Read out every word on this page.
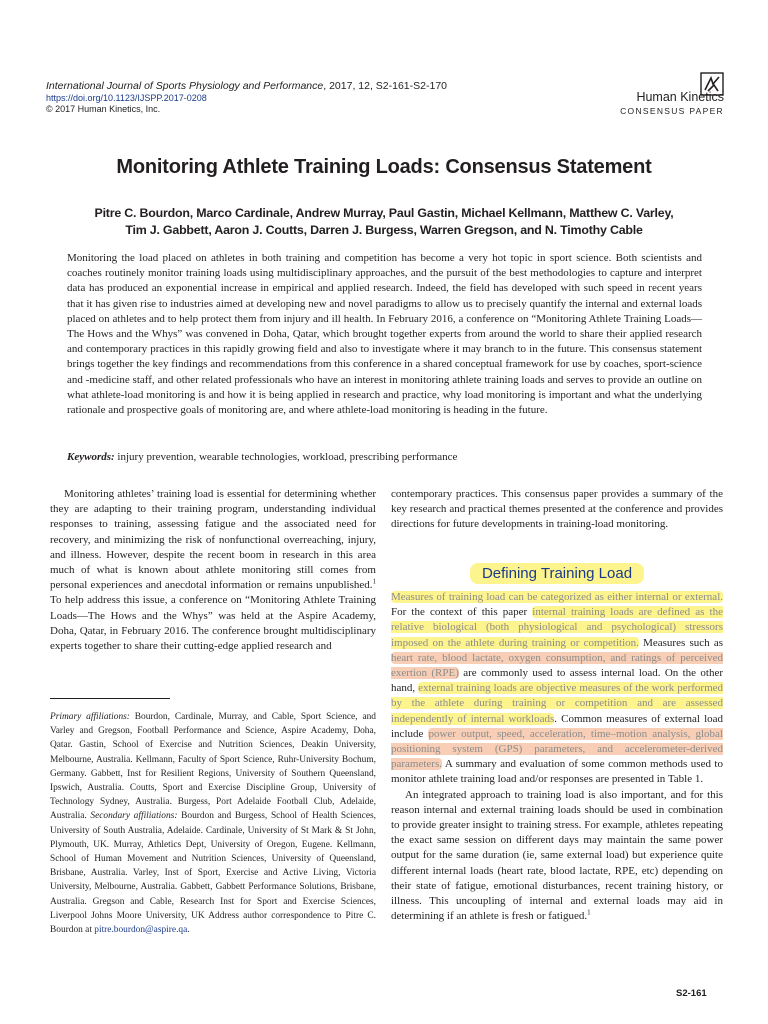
International Journal of Sports Physiology and Performance, 2017, 12, S2-161-S2-170
https://doi.org/10.1123/IJSPP.2017-0208
© 2017 Human Kinetics, Inc.
Human Kinetics
CONSENSUS PAPER
Monitoring Athlete Training Loads: Consensus Statement
Pitre C. Bourdon, Marco Cardinale, Andrew Murray, Paul Gastin, Michael Kellmann, Matthew C. Varley,
Tim J. Gabbett, Aaron J. Coutts, Darren J. Burgess, Warren Gregson, and N. Timothy Cable

Monitoring the load placed on athletes in both training and competition has become a very hot topic in sport science. Both scientists and coaches routinely monitor training loads using multidisciplinary approaches, and the pursuit of the best methodologies to capture and interpret data has produced an exponential increase in empirical and applied research. Indeed, the field has developed with such speed in recent years that it has given rise to industries aimed at developing new and novel paradigms to allow us to precisely quantify the internal and external loads placed on athletes and to help protect them from injury and ill health. In February 2016, a conference on “Monitoring Athlete Training Loads—The Hows and the Whys” was convened in Doha, Qatar, which brought together experts from around the world to share their applied research and contemporary practices in this rapidly growing field and also to investigate where it may branch to in the future. This consensus statement brings together the key findings and recommendations from this conference in a shared conceptual framework for use by coaches, sport-science and -medicine staff, and other related professionals who have an interest in monitoring athlete training loads and serves to provide an outline on what athlete-load monitoring is and how it is being applied in research and practice, why load monitoring is important and what the underlying rationale and prospective goals of monitoring are, and where athlete-load monitoring is heading in the future.

Keywords: injury prevention, wearable technologies, workload, prescribing performance

Monitoring athletes’ training load is essential for determining whether they are adapting to their training program, understanding individual responses to training, assessing fatigue and the associated need for recovery, and minimizing the risk of nonfunctional overreaching, injury, and illness. However, despite the recent boom in research in this area much of what is known about athlete monitoring still comes from personal experiences and anecdotal information or remains unpublished.$^1$ To help address this issue, a conference on “Monitoring Athlete Training Loads—The Hows and the Whys” was held at the Aspire Academy, Doha, Qatar, in February 2016. The conference brought multidisciplinary experts together to share their cutting-edge applied research and

Primary affiliations: Bourdon, Cardinale, Murray, and Cable, Sport Science, and Varley and Gregson, Football Performance and Science, Aspire Academy, Doha, Qatar. Gastin, School of Exercise and Nutrition Sciences, Deakin University, Melbourne, Australia. Kellmann, Faculty of Sport Science, Ruhr-University Bochum, Germany. Gabbett, Inst for Resilient Regions, University of Southern Queensland, Ipswich, Australia. Coutts, Sport and Exercise Discipline Group, University of Technology Sydney, Australia. Burgess, Port Adelaide Football Club, Adelaide, Australia. Secondary affiliations: Bourdon and Burgess, School of Health Sciences, University of South Australia, Adelaide. Cardinale, University of St Mark & St John, Plymouth, UK. Murray, Athletics Dept, University of Oregon, Eugene. Kellmann, School of Human Movement and Nutrition Sciences, University of Queensland, Brisbane, Australia. Varley, Inst of Sport, Exercise and Active Living, Victoria University, Melbourne, Australia. Gabbett, Gabbett Performance Solutions, Brisbane, Australia. Gregson and Cable, Research Inst for Sport and Exercise Sciences, Liverpool Johns Moore University, UK Address author correspondence to Pitre C. Bourdon at pitre.bourdon@aspire.qa.

contemporary practices. This consensus paper provides a summary of the key research and practical themes presented at the conference and provides directions for future developments in training-load monitoring.

Defining Training Load

Measures of training load can be categorized as either internal or external. For the context of this paper internal training loads are defined as the relative biological (both physiological and psychological) stressors imposed on the athlete during training or competition. Measures such as heart rate, blood lactate, oxygen consumption, and ratings of perceived exertion (RPE) are commonly used to assess internal load. On the other hand, external training loads are objective measures of the work performed by the athlete during training or competition and are assessed independently of internal workloads. Common measures of external load include power output, speed, acceleration, time–motion analysis, global positioning system (GPS) parameters, and accelerometer-derived parameters. A summary and evaluation of some common methods used to monitor athlete training load and/or responses are presented in Table 1.

An integrated approach to training load is also important, and for this reason internal and external training loads should be used in combination to provide greater insight to training stress. For example, athletes repeating the exact same session on different days may maintain the same power output for the same duration (ie, same external load) but experience quite different internal loads (heart rate, blood lactate, RPE, etc) depending on their state of fatigue, emotional disturbances, recent training history, or illness. This uncoupling of internal and external loads may aid in determining if an athlete is fresh or fatigued.$^1$

S2-161
